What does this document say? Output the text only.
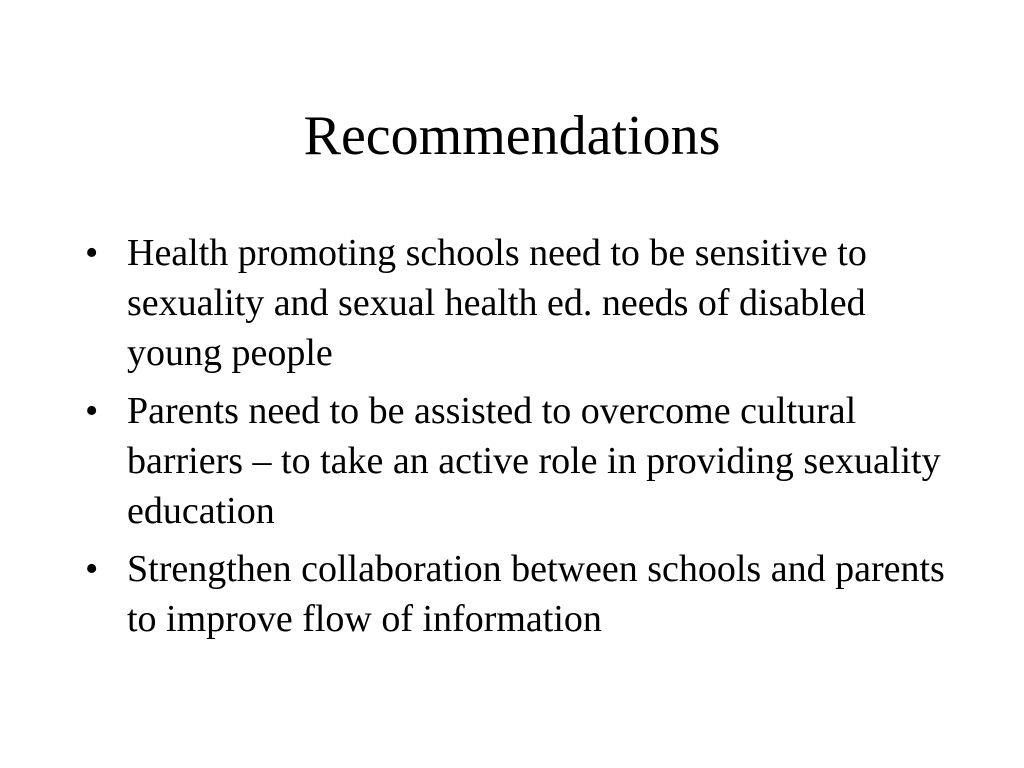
Recommendations
• Health promoting schools need to be sensitive to sexuality and sexual health ed. needs of disabled young people
• Parents need to be assisted to overcome cultural barriers – to take an active role in providing sexuality education
• Strengthen collaboration between schools and parents to improve flow of information
